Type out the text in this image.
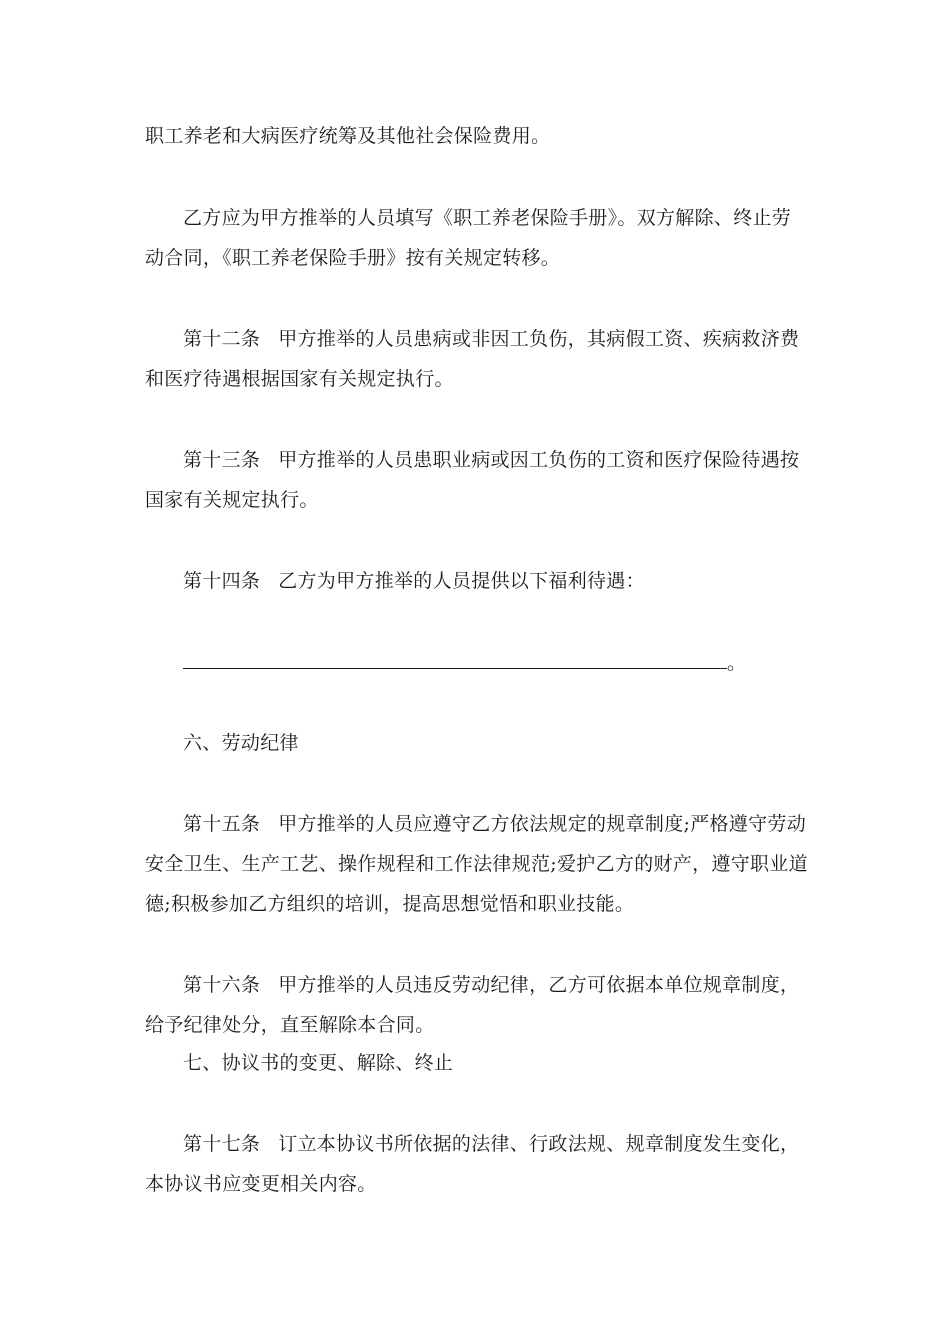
职工养老和大病医疗统筹及其他社会保险费用。
乙方应为甲方推举的人员填写《职工养老保险手册》。双方解除、终止劳
动合同，《职工养老保险手册》按有关规定转移。
第十二条 甲方推举的人员患病或非因工负伤，其病假工资、疾病救济费
和医疗待遇根据国家有关规定执行。
第十三条 甲方推举的人员患职业病或因工负伤的工资和医疗保险待遇按
国家有关规定执行。
第十四条 乙方为甲方推举的人员提供以下福利待遇：
。
六、劳动纪律
第十五条 甲方推举的人员应遵守乙方依法规定的规章制度;严格遵守劳动
安全卫生、生产工艺、操作规程和工作法律规范;爱护乙方的财产，遵守职业道
德;积极参加乙方组织的培训，提高思想觉悟和职业技能。
第十六条 甲方推举的人员违反劳动纪律，乙方可依据本单位规章制度，
给予纪律处分，直至解除本合同。
七、协议书的变更、解除、终止
第十七条 订立本协议书所依据的法律、行政法规、规章制度发生变化，
本协议书应变更相关内容。
